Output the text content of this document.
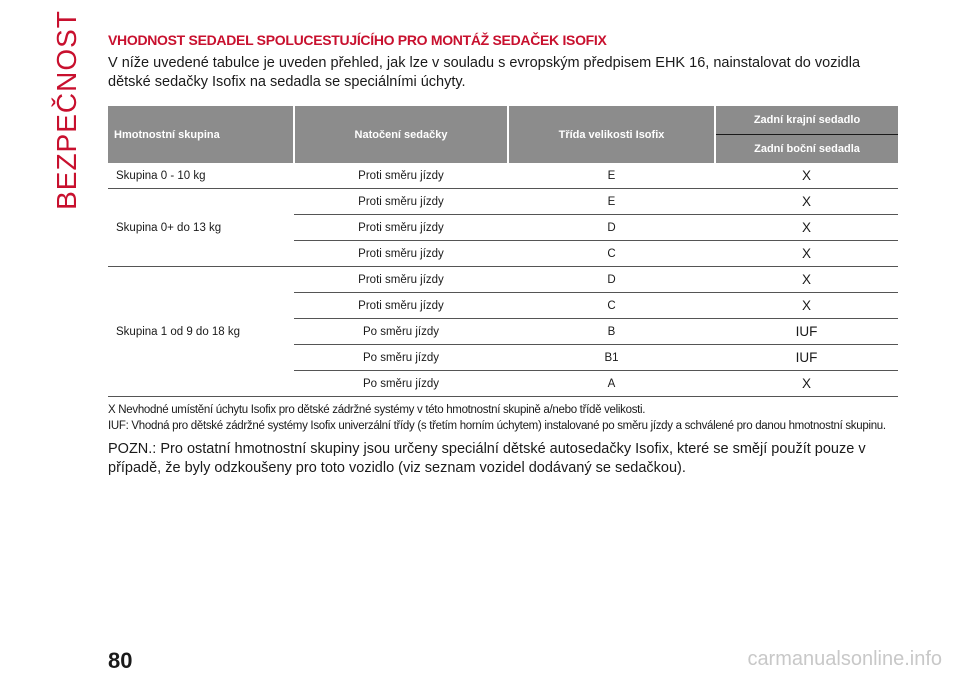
BEZPEČNOST VHODNOST SEDADEL SPOLUCESTUJÍCÍHO PRO MONTÁŽ SEDAČEK ISOFIX

V níže uvedené tabulce je uveden přehled, jak lze v souladu s evropským předpisem EHK 16, nainstalovat do vozidla dětské sedačky Isofix na sedadla se speciálními úchyty.

Hmotnostní skupina	Natočení sedačky	Třída velikosti Isofix	Zadní krajní sedadlo
			Zadní boční sedadla
Skupina 0 - 10 kg	Proti směru jízdy	E	X
Skupina 0+ do 13 kg	Proti směru jízdy	E	X
	Proti směru jízdy	D	X
	Proti směru jízdy	C	X
Skupina 1 od 9 do 18 kg	Proti směru jízdy	D	X
	Proti směru jízdy	C	X
	Po směru jízdy	B	IUF
	Po směru jízdy	B1	IUF
	Po směru jízdy	A	X
X Nevhodné umístění úchytu Isofix pro dětské zádržné systémy v této hmotnostní skupině a/nebo třídě velikosti.
IUF: Vhodná pro dětské zádržné systémy Isofix univerzální třídy (s třetím horním úchytem) instalované po směru jízdy a schválené pro danou hmotnostní skupinu.

POZN.: Pro ostatní hmotnostní skupiny jsou určeny speciální dětské autosedačky Isofix, které se smějí použít pouze v případě, že byly odzkoušeny pro toto vozidlo (viz seznam vozidel dodávaný se sedačkou).

80	carmanualsonline.info
